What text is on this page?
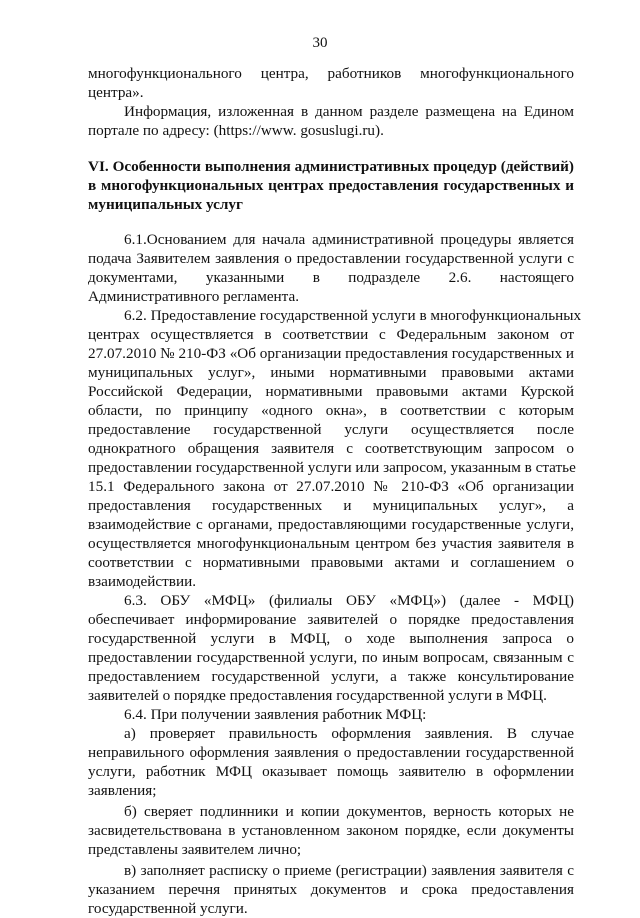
30
многофункционального центра, работников многофункционального
центра».
Информация, изложенная в данном разделе размещена на Едином
портале по адресу: (https://www. gosuslugi.ru).
VI. Особенности выполнения административных процедур (действий)
в многофункциональных центрах предоставления государственных и
муниципальных услуг
6.1.Основанием для начала административной процедуры является
подача Заявителем заявления о предоставлении государственной услуги с
документами, указанными в подразделе 2.6. настоящего
Административного регламента.
6.2. Предоставление государственной услуги в многофункциональных
центрах осуществляется в соответствии с Федеральным законом от
27.07.2010 № 210-ФЗ «Об организации предоставления государственных и
муниципальных услуг», иными нормативными правовыми актами
Российской Федерации, нормативными правовыми актами Курской
области, по принципу «одного окна», в соответствии с которым
предоставление государственной услуги осуществляется после
однократного обращения заявителя с соответствующим запросом о
предоставлении государственной услуги или запросом, указанным в статье
15.1 Федерального закона от 27.07.2010 № 210-ФЗ «Об организации
предоставления государственных и муниципальных услуг», а
взаимодействие с органами, предоставляющими государственные услуги,
осуществляется многофункциональным центром без участия заявителя в
соответствии с нормативными правовыми актами и соглашением о
взаимодействии.
6.3. ОБУ «МФЦ» (филиалы ОБУ «МФЦ») (далее - МФЦ)
обеспечивает информирование заявителей о порядке предоставления
государственной услуги в МФЦ, о ходе выполнения запроса о
предоставлении государственной услуги, по иным вопросам, связанным с
предоставлением государственной услуги, а также консультирование
заявителей о порядке предоставления государственной услуги в МФЦ.
6.4. При получении заявления работник МФЦ:
а) проверяет правильность оформления заявления. В случае
неправильного оформления заявления о предоставлении государственной
услуги, работник МФЦ оказывает помощь заявителю в оформлении
заявления;
б) сверяет подлинники и копии документов, верность которых не
засвидетельствована в установленном законом порядке, если документы
представлены заявителем лично;
в) заполняет расписку о приеме (регистрации) заявления заявителя с
указанием перечня принятых документов и срока предоставления
государственной услуги.
